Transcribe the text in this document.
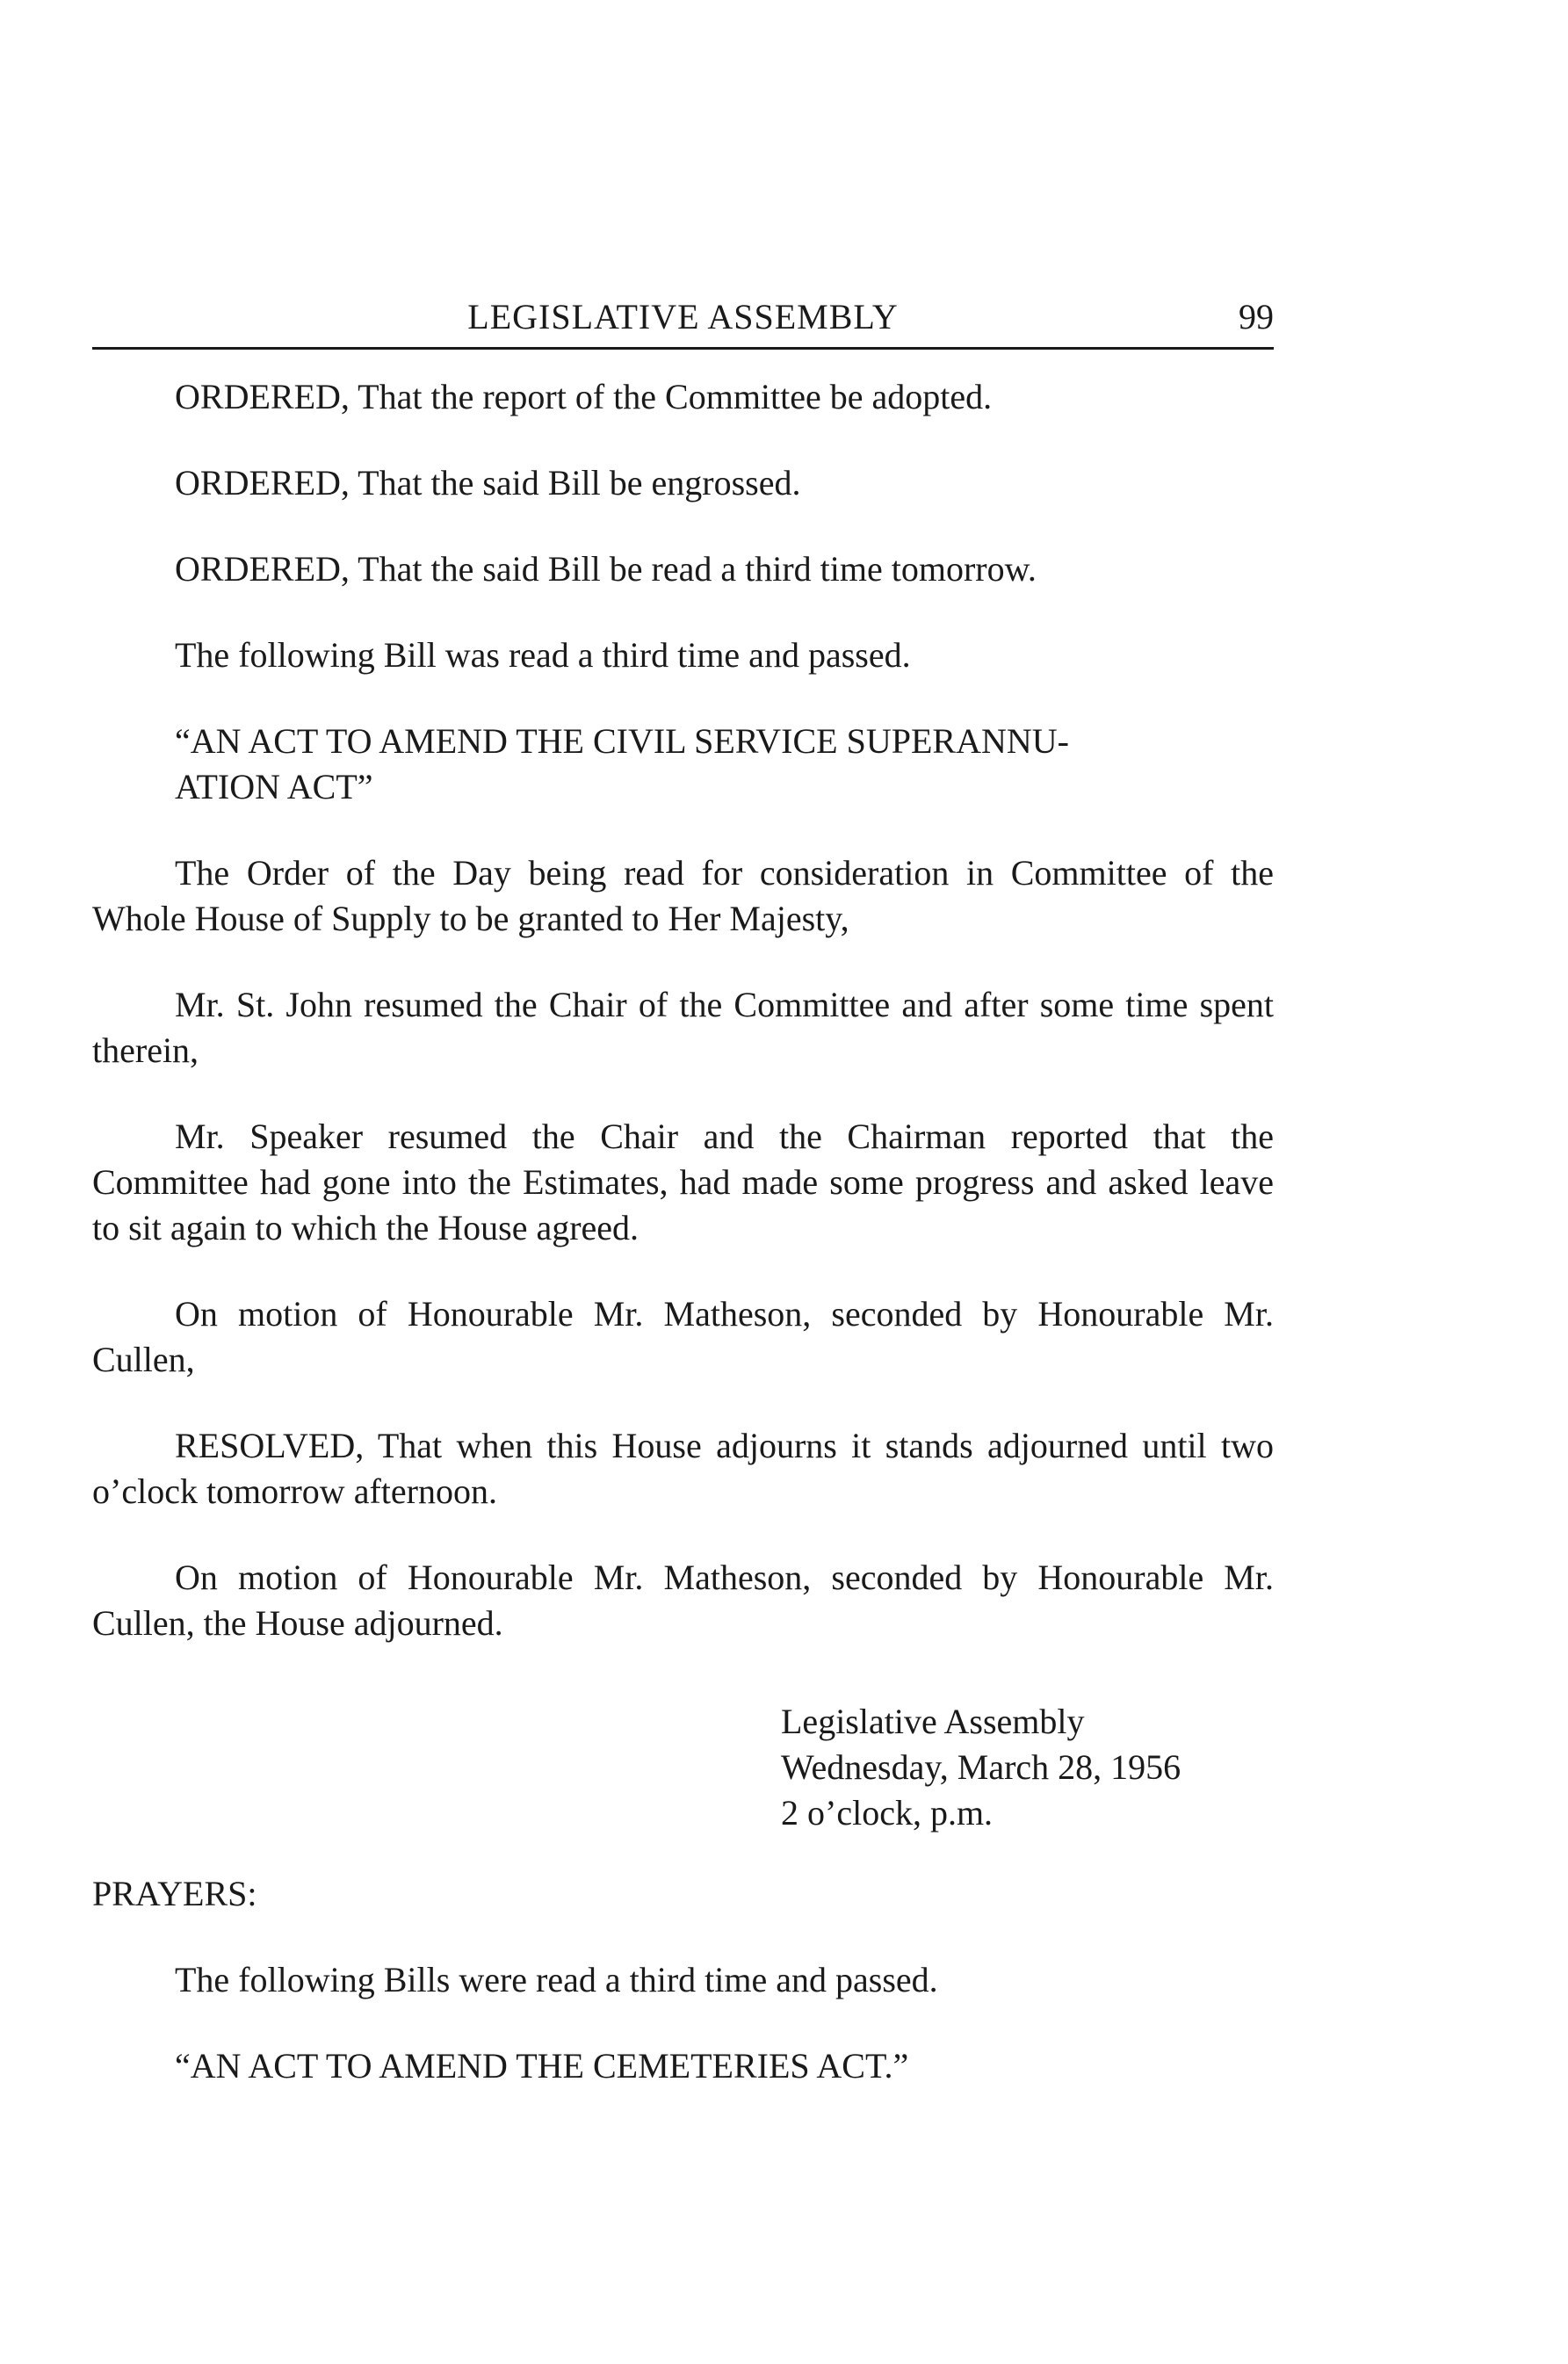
LEGISLATIVE ASSEMBLY	99

ORDERED, That the report of the Committee be adopted.

ORDERED, That the said Bill be engrossed.

ORDERED, That the said Bill be read a third time tomorrow.

The following Bill was read a third time and passed.

“AN ACT TO AMEND THE CIVIL SERVICE SUPERANNU-
ATION ACT”

The Order of the Day being read for consideration in Committee of the Whole House of Supply to be granted to Her Majesty,

Mr. St. John resumed the Chair of the Committee and after some time spent therein,

Mr. Speaker resumed the Chair and the Chairman reported that the Committee had gone into the Estimates, had made some progress and asked leave to sit again to which the House agreed.

On motion of Honourable Mr. Matheson, seconded by Honourable Mr. Cullen,

RESOLVED, That when this House adjourns it stands adjourned until two o’clock tomorrow afternoon.

On motion of Honourable Mr. Matheson, seconded by Honourable Mr. Cullen, the House adjourned.

Legislative Assembly
Wednesday, March 28, 1956
2 o’clock, p.m.

PRAYERS:

The following Bills were read a third time and passed.

“AN ACT TO AMEND THE CEMETERIES ACT.”
